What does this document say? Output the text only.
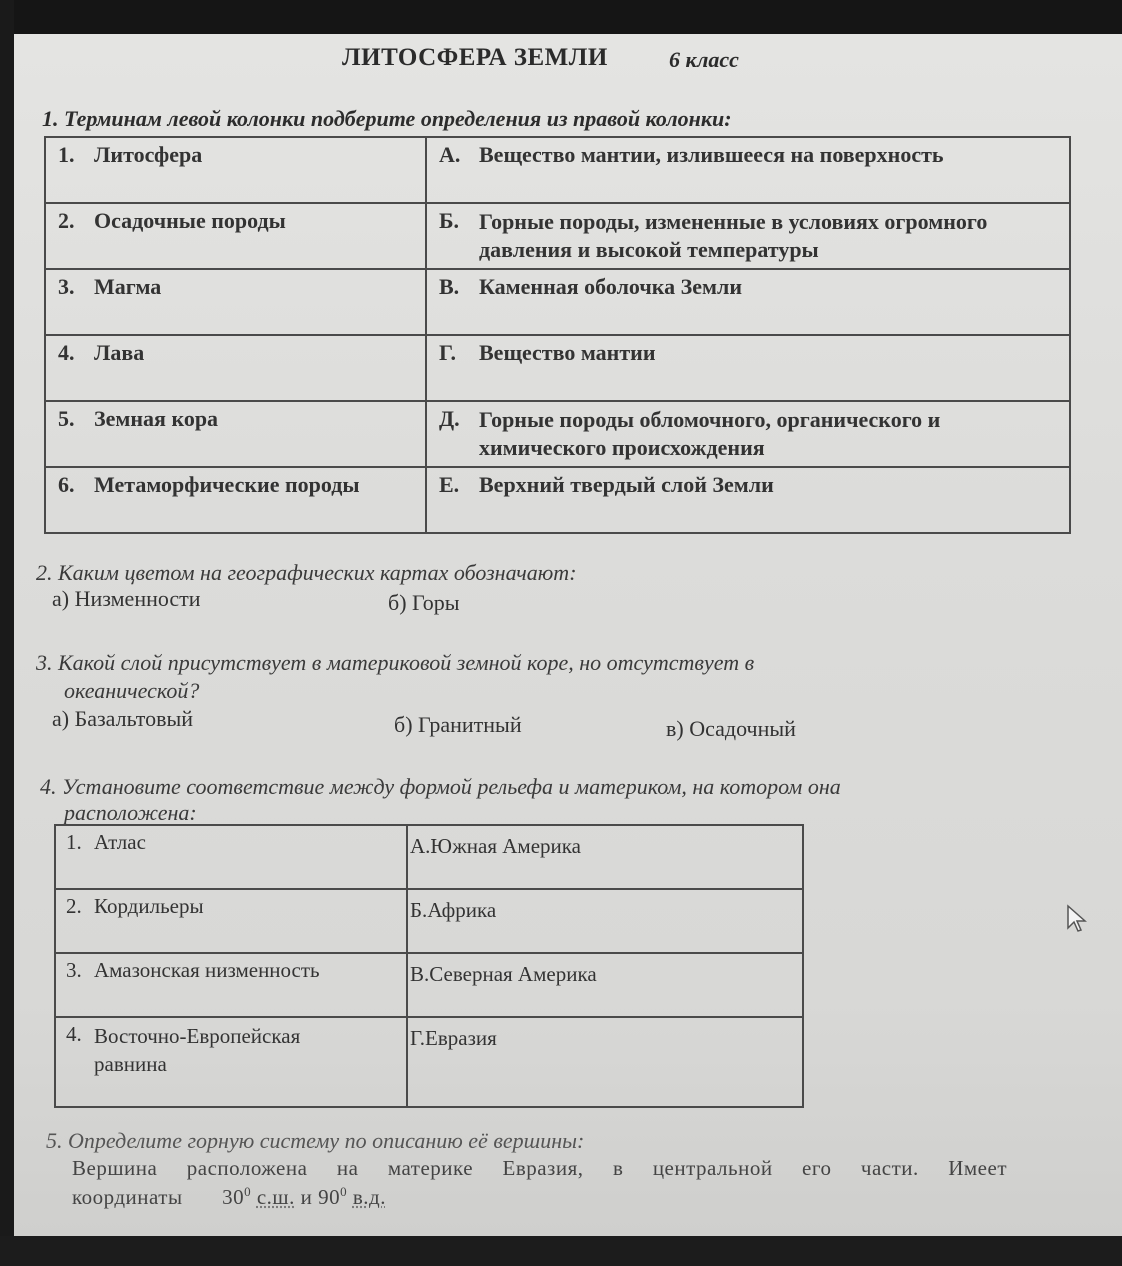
ЛИТОСФЕРА ЗЕМЛИ	6 класс
1. Терминам левой колонки подберите определения из правой колонки:
1. Литосфера	А. Вещество мантии, излившееся на поверхность
2. Осадочные породы	Б. Горные породы, измененные в условиях огромного давления и высокой температуры

3. Магма	В. Каменная оболочка Земли
4. Лава	Г. Вещество мантии
5. Земная кора	Д. Горные породы обломочного, органического и химического происхождения

6. Метаморфические породы	Е. Верхний твердый слой Земли
2. Каким цветом на географических картах обозначают:
а) Низменности	б) Горы
3. Какой слой присутствует в материковой земной коре, но отсутствует в
океанической?
а) Базальтовый	б) Гранитный	в) Осадочный
4. Установите соответствие между формой рельефа и материком, на котором она
расположена:
1. Атлас	А.Южная Америка
2. Кордильеры	Б.Африка
3. Амазонская низменность	В.Северная Америка

4. Восточно-Европейская равнина	Г.Евразия
5. Определите горную систему по описанию её вершины:
Вершина расположена на материке Евразия, в центральной его части. Имеет
координаты $30^0$ с.ш. и $90^0$ в.д.
